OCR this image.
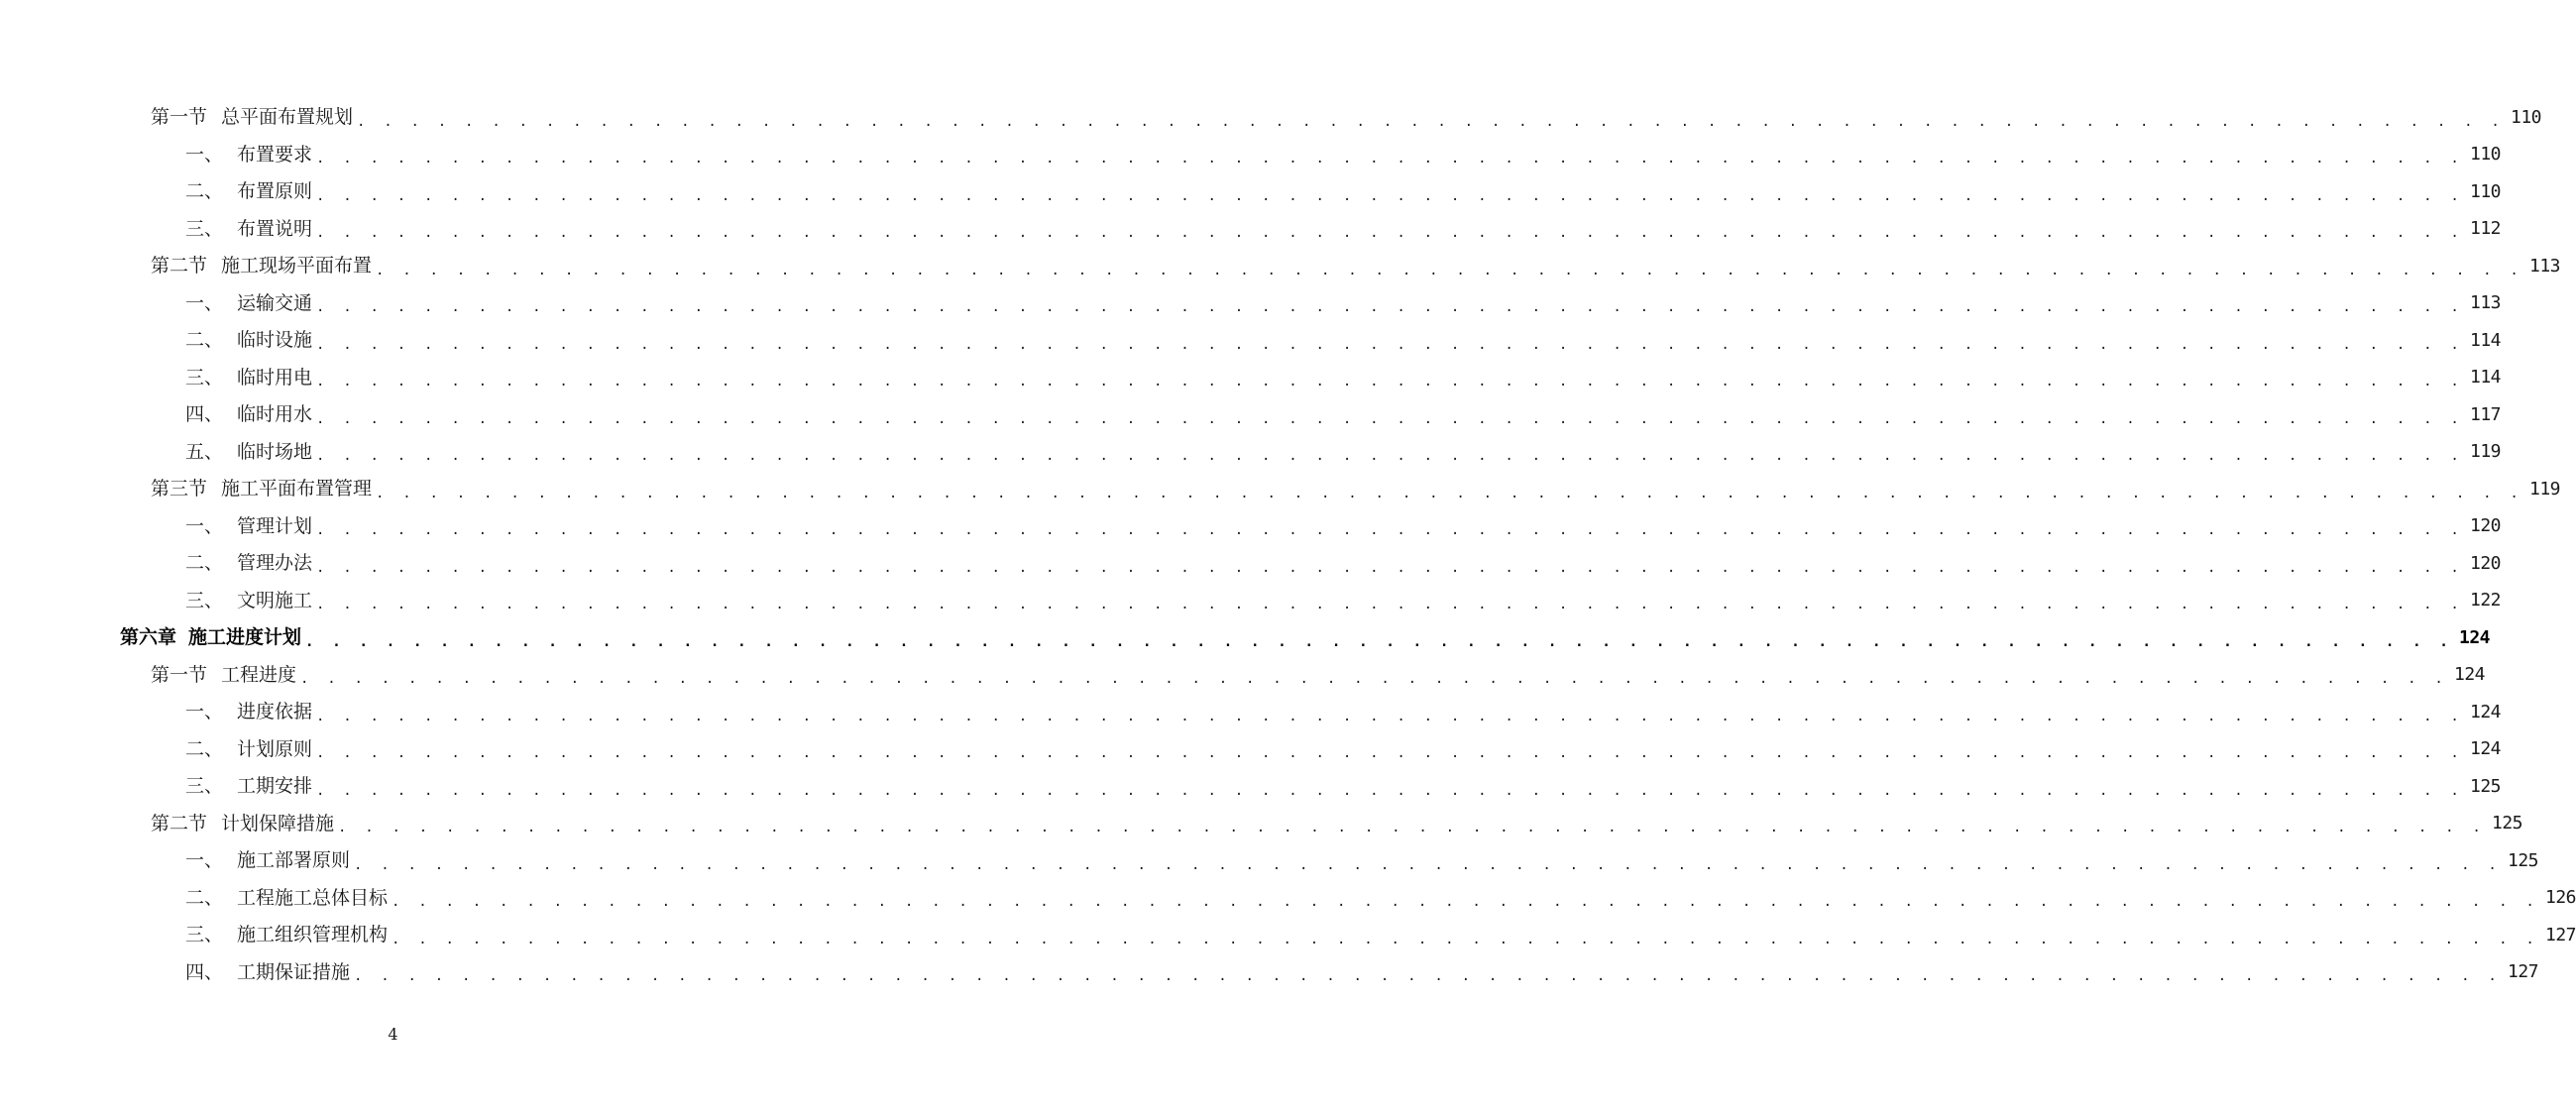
第一节 总平面布置规划 . . . . . . . . . . . . . . . . . . . . . . . . . . . . . . . . . . . . . . . . . . . . . . . . . . . . . . . . . . . . . . . . . . . . . . . . . . . . . . . . 110
一、 布置要求 . . . . . . . . . . . . . . . . . . . . . . . . . . . . . . . . . . . . . . . . . . . . . . . . . . . . . . . . . . . . . . . . . . . . . . . . . . . . . . . . 110
二、 布置原则 . . . . . . . . . . . . . . . . . . . . . . . . . . . . . . . . . . . . . . . . . . . . . . . . . . . . . . . . . . . . . . . . . . . . . . . . . . . . . . . . 110
三、 布置说明 . . . . . . . . . . . . . . . . . . . . . . . . . . . . . . . . . . . . . . . . . . . . . . . . . . . . . . . . . . . . . . . . . . . . . . . . . . . . . . . . 112
第二节 施工现场平面布置 . . . . . . . . . . . . . . . . . . . . . . . . . . . . . . . . . . . . . . . . . . . . . . . . . . . . . . . . . . . . . . . . . . . . . . . . . . . . . . . . 113
一、 运输交通 . . . . . . . . . . . . . . . . . . . . . . . . . . . . . . . . . . . . . . . . . . . . . . . . . . . . . . . . . . . . . . . . . . . . . . . . . . . . . . . . 113
二、 临时设施 . . . . . . . . . . . . . . . . . . . . . . . . . . . . . . . . . . . . . . . . . . . . . . . . . . . . . . . . . . . . . . . . . . . . . . . . . . . . . . . . 114
三、 临时用电 . . . . . . . . . . . . . . . . . . . . . . . . . . . . . . . . . . . . . . . . . . . . . . . . . . . . . . . . . . . . . . . . . . . . . . . . . . . . . . . . 114
四、 临时用水 . . . . . . . . . . . . . . . . . . . . . . . . . . . . . . . . . . . . . . . . . . . . . . . . . . . . . . . . . . . . . . . . . . . . . . . . . . . . . . . . 117
五、 临时场地 . . . . . . . . . . . . . . . . . . . . . . . . . . . . . . . . . . . . . . . . . . . . . . . . . . . . . . . . . . . . . . . . . . . . . . . . . . . . . . . . 119
第三节 施工平面布置管理 . . . . . . . . . . . . . . . . . . . . . . . . . . . . . . . . . . . . . . . . . . . . . . . . . . . . . . . . . . . . . . . . . . . . . . . . . . . . . . . . 119
一、 管理计划 . . . . . . . . . . . . . . . . . . . . . . . . . . . . . . . . . . . . . . . . . . . . . . . . . . . . . . . . . . . . . . . . . . . . . . . . . . . . . . . . 120
二、 管理办法 . . . . . . . . . . . . . . . . . . . . . . . . . . . . . . . . . . . . . . . . . . . . . . . . . . . . . . . . . . . . . . . . . . . . . . . . . . . . . . . . 120
三、 文明施工 . . . . . . . . . . . . . . . . . . . . . . . . . . . . . . . . . . . . . . . . . . . . . . . . . . . . . . . . . . . . . . . . . . . . . . . . . . . . . . . . 122
第六章 施工进度计划 . . . . . . . . . . . . . . . . . . . . . . . . . . . . . . . . . . . . . . . . . . . . . . . . . . . . . . . . . . . . . . . . . . . . . . . . . . . . . . . . 124
第一节 工程进度 . . . . . . . . . . . . . . . . . . . . . . . . . . . . . . . . . . . . . . . . . . . . . . . . . . . . . . . . . . . . . . . . . . . . . . . . . . . . . . . . 124
一、 进度依据 . . . . . . . . . . . . . . . . . . . . . . . . . . . . . . . . . . . . . . . . . . . . . . . . . . . . . . . . . . . . . . . . . . . . . . . . . . . . . . . . 124
二、 计划原则 . . . . . . . . . . . . . . . . . . . . . . . . . . . . . . . . . . . . . . . . . . . . . . . . . . . . . . . . . . . . . . . . . . . . . . . . . . . . . . . . 124
三、 工期安排 . . . . . . . . . . . . . . . . . . . . . . . . . . . . . . . . . . . . . . . . . . . . . . . . . . . . . . . . . . . . . . . . . . . . . . . . . . . . . . . . 125
第二节 计划保障措施 . . . . . . . . . . . . . . . . . . . . . . . . . . . . . . . . . . . . . . . . . . . . . . . . . . . . . . . . . . . . . . . . . . . . . . . . . . . . . . . . 125
一、 施工部署原则 . . . . . . . . . . . . . . . . . . . . . . . . . . . . . . . . . . . . . . . . . . . . . . . . . . . . . . . . . . . . . . . . . . . . . . . . . . . . . . . . 125
二、 工程施工总体目标 . . . . . . . . . . . . . . . . . . . . . . . . . . . . . . . . . . . . . . . . . . . . . . . . . . . . . . . . . . . . . . . . . . . . . . . . . . . . . . . . 126
三、 施工组织管理机构 . . . . . . . . . . . . . . . . . . . . . . . . . . . . . . . . . . . . . . . . . . . . . . . . . . . . . . . . . . . . . . . . . . . . . . . . . . . . . . . . 127
四、 工期保证措施 . . . . . . . . . . . . . . . . . . . . . . . . . . . . . . . . . . . . . . . . . . . . . . . . . . . . . . . . . . . . . . . . . . . . . . . . . . . . . . . . 127
4
